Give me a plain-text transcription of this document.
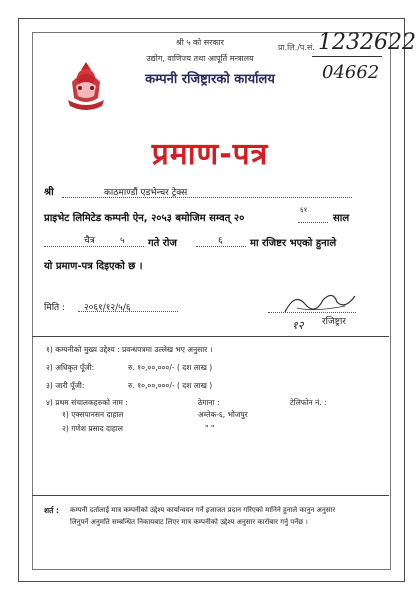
प्रा.लि./प.सं. 1232622
04662
श्री ५ को सरकार
उद्योग, वाणिज्य तथा आपूर्ति मन्त्रालय
कम्पनी रजिष्ट्रारको कार्यालय
प्रमाण-पत्र
श्री	काठमाण्डौं एडभेन्चर ट्रेक्स
प्राइभेट लिमिटेड कम्पनी ऐन, २०५३ बमोजिम सम्वत् २०
६१
साल
चैत्र	५ गते रोज	६	मा रजिष्टर भएको हुनाले
यो प्रमाण-पत्र दिइएको छ ।
मिति : २०६१/१२/५/६
१२ रजिष्ट्रार
१) कम्पनीको मुख्य उद्देश्य : प्रवन्धपत्रमा उल्लेख भए अनुसार ।
२) अधिकृत पूँजी:	रु. १०,००,०००/- ( दश लाख )
३) जारी पूँजी:	रु. १०,००,०००/- ( दश लाख )
४) प्रथम संचालकहरुको नाम :	ठेगाना :	टेलिफोन नं. :
१) एक्सपानसन दाहाल	अम्तेक-६, भोजपुर
२) गणेश प्रसाद दाहाल	" "
शर्त : कम्पनी दर्तालाई मात्र कम्पनीको उद्देश्य कार्यान्वयन गर्ने इजाजत प्रदान गरिएको मानिने हुनाले कानुन अनुसार
लिनुपर्ने अनुमति सम्बन्धित निकायबाट लिएर मात्र कम्पनीको उद्देश्य अनुसार कारोबार गर्नु पर्नेछ ।
